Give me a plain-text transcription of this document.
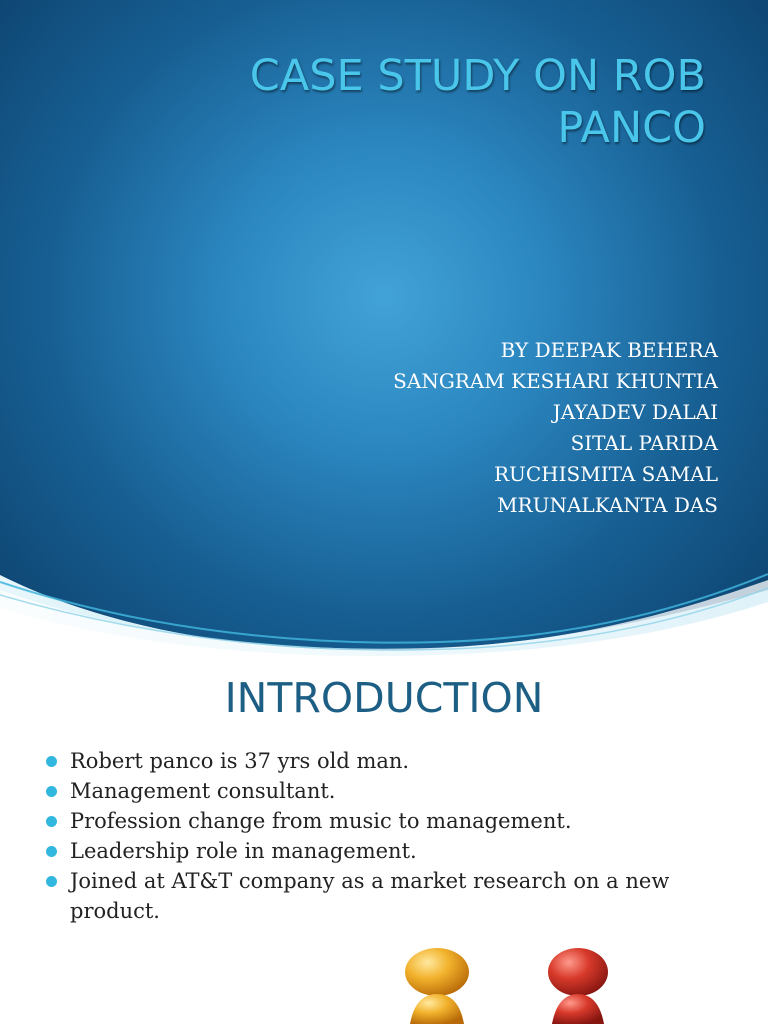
CASE STUDY ON ROB
PANCO
BY DEEPAK BEHERA
SANGRAM KESHARI KHUNTIA
JAYADEV DALAI
SITAL PARIDA
RUCHISMITA SAMAL
MRUNALKANTA DAS
INTRODUCTION
Robert panco is 37 yrs old man.
Management consultant.
Profession change from music to management.
Leadership role in management.
Joined at AT&T company as a market research on a new product.
